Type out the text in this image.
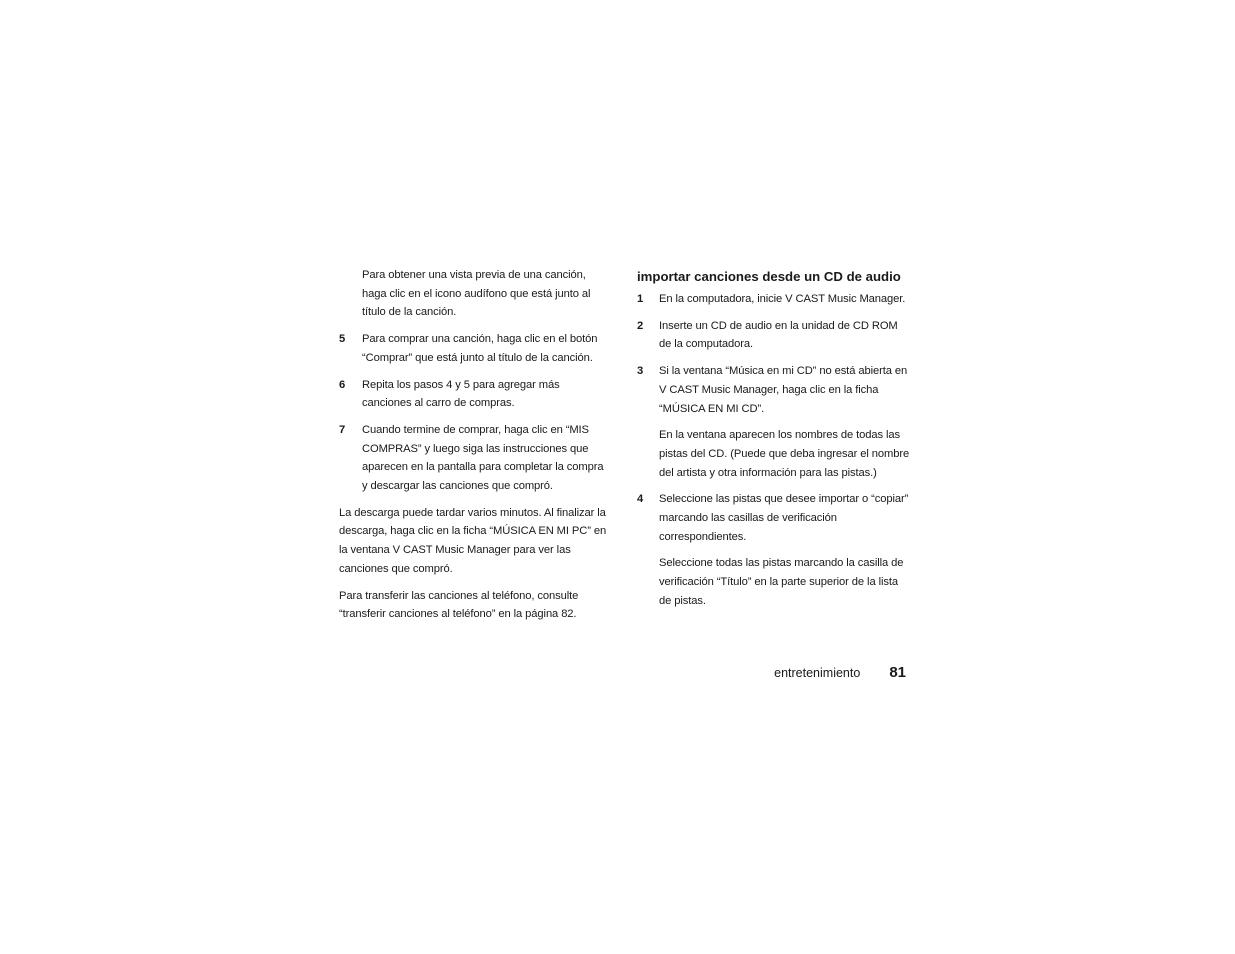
Para obtener una vista previa de una canción, haga clic en el icono audífono que está junto al título de la canción.

5	Para comprar una canción, haga clic en el botón “Comprar” que está junto al título de la canción.
6	Repita los pasos 4 y 5 para agregar más canciones al carro de compras.
7	Cuando termine de comprar, haga clic en “MIS COMPRAS” y luego siga las instrucciones que aparecen en la pantalla para completar la compra y descargar las canciones que compró.

La descarga puede tardar varios minutos. Al finalizar la descarga, haga clic en la ficha “MÚSICA EN MI PC” en la ventana V CAST Music Manager para ver las canciones que compró.

Para transferir las canciones al teléfono, consulte “transferir canciones al teléfono” en la página 82.

importar canciones desde un CD de audio
1	En la computadora, inicie V CAST Music Manager.
2	Inserte un CD de audio en la unidad de CD ROM de la computadora.
3	Si la ventana “Música en mi CD” no está abierta en V CAST Music Manager, haga clic en la ficha “MÚSICA EN MI CD”.

En la ventana aparecen los nombres de todas las pistas del CD. (Puede que deba ingresar el nombre del artista y otra información para las pistas.)

4	Seleccione las pistas que desee importar o “copiar” marcando las casillas de verificación correspondientes.

Seleccione todas las pistas marcando la casilla de verificación “Título” en la parte superior de la lista de pistas.

entretenimiento 81
